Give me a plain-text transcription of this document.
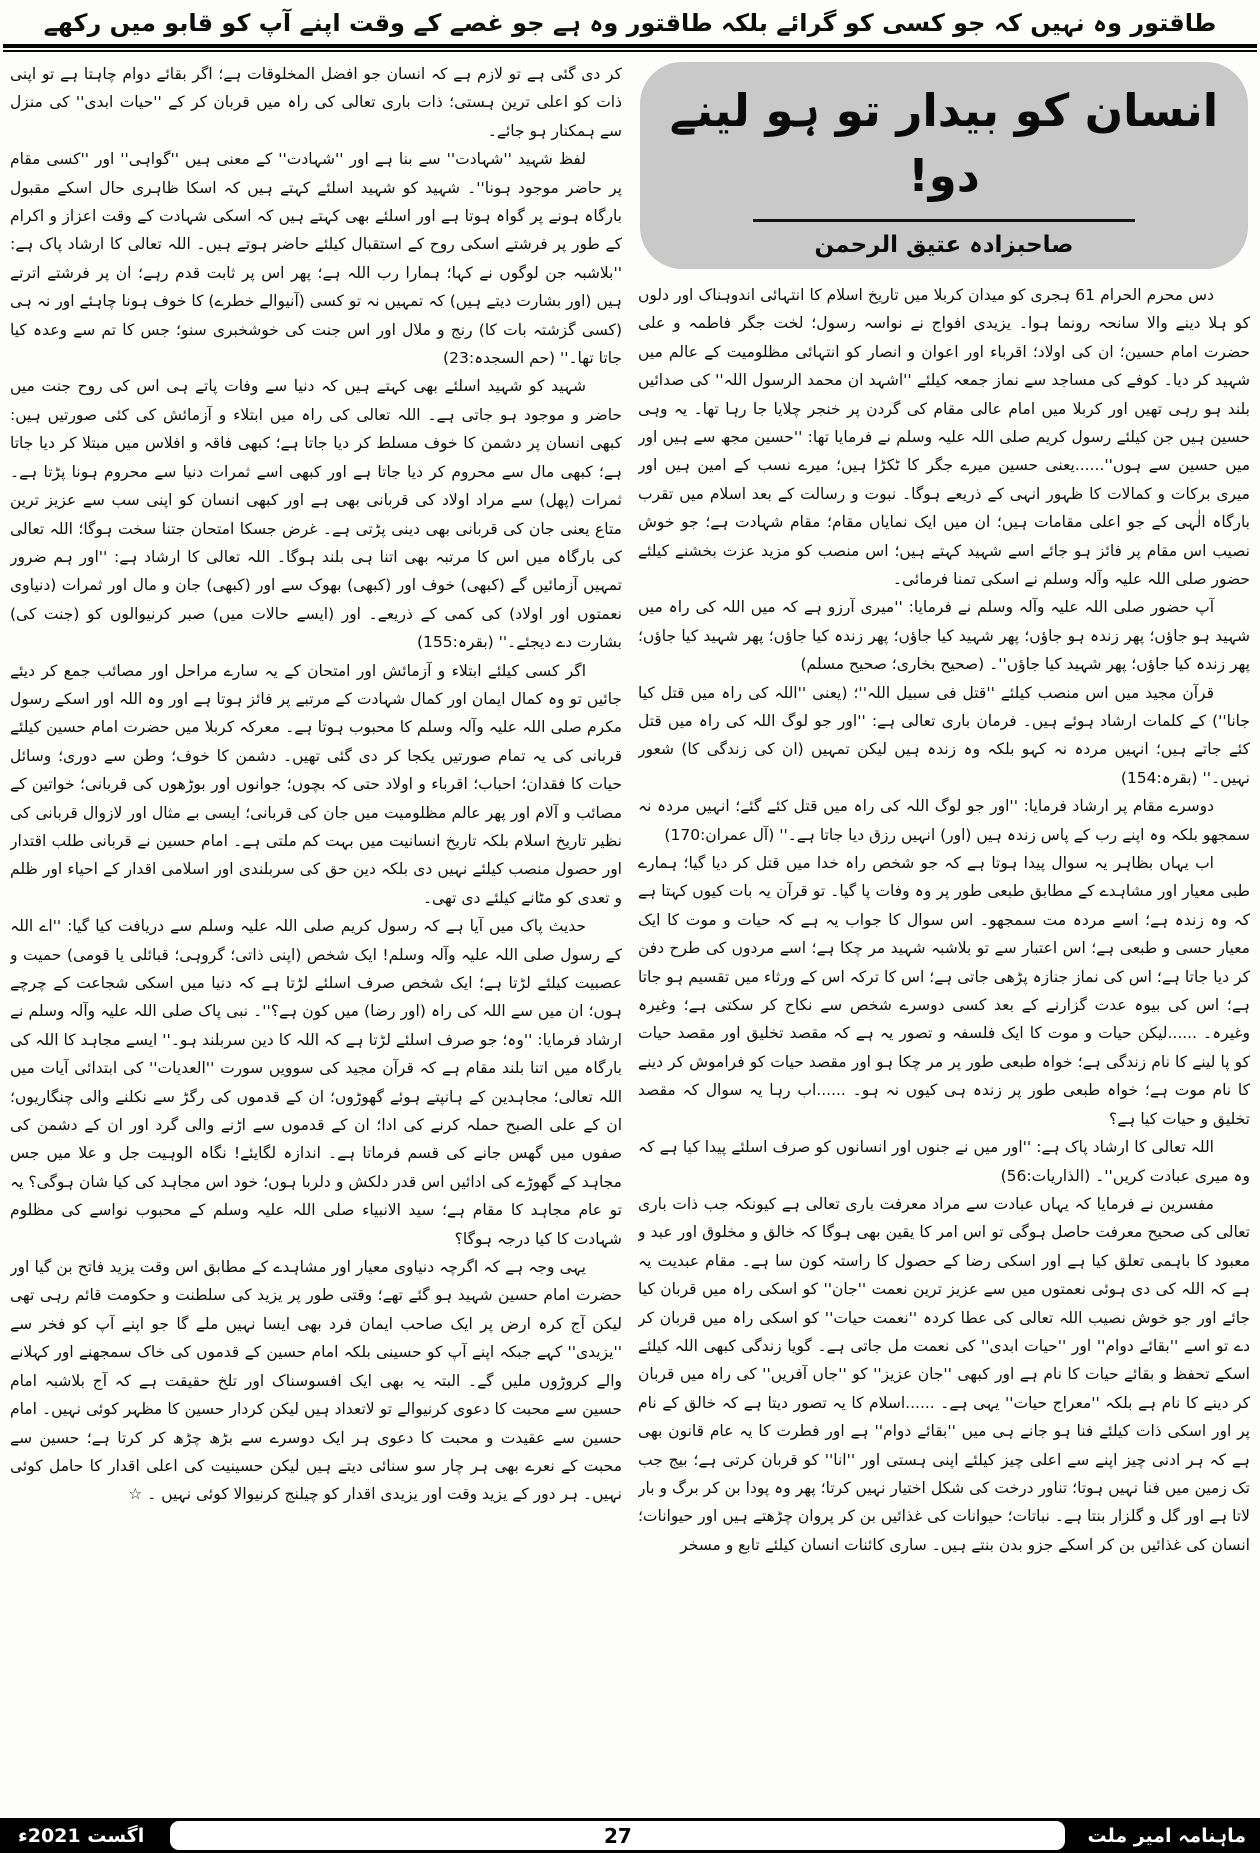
طاقتور وہ نہیں کہ جو کسی کو گرائے بلکہ طاقتور وہ ہے جو غصے کے وقت اپنے آپ کو قابو میں رکھے
انسان کو بیدار تو ہو لینے دو!
صاحبزادہ عتیق الرحمن

دس محرم الحرام 61 ہجری کو میدان کربلا میں تاریخ اسلام کا انتہائی اندوہناک اور دلوں کو ہلا دینے والا سانحہ رونما ہوا۔ یزیدی افواج نے نواسہ رسول؛ لخت جگر فاطمہ و علی حضرت امام حسین؛ ان کی اولاد؛ اقرباء اور اعوان و انصار کو انتہائی مظلومیت کے عالم میں شہید کر دیا۔ کوفے کی مساجد سے نماز جمعہ کیلئے ''اشہد ان محمد الرسول اللہ'' کی صدائیں بلند ہو رہی تھیں اور کربلا میں امام عالی مقام کی گردن پر خنجر چلایا جا رہا تھا۔ یہ وہی حسین ہیں جن کیلئے رسول کریم صلی اللہ علیہ وسلم نے فرمایا تھا: ''حسین مجھ سے ہیں اور میں حسین سے ہوں''......یعنی حسین میرے جگر کا ٹکڑا ہیں؛ میرے نسب کے امین ہیں اور میری برکات و کمالات کا ظہور انہی کے ذریعے ہوگا۔ نبوت و رسالت کے بعد اسلام میں تقرب بارگاہ الٰہی کے جو اعلی مقامات ہیں؛ ان میں ایک نمایاں مقام؛ مقام شہادت ہے؛ جو خوش نصیب اس مقام پر فائز ہو جائے اسے شہید کہتے ہیں؛ اس منصب کو مزید عزت بخشنے کیلئے حضور صلی اللہ علیہ وآلہ وسلم نے اسکی تمنا فرمائی۔

آپ حضور صلی اللہ علیہ وآلہ وسلم نے فرمایا: ''میری آرزو ہے کہ میں اللہ کی راہ میں شہید ہو جاؤں؛ پھر زندہ ہو جاؤں؛ پھر شہید کیا جاؤں؛ پھر زندہ کیا جاؤں؛ پھر شہید کیا جاؤں؛ پھر زندہ کیا جاؤں؛ پھر شہید کیا جاؤں''۔ (صحیح بخاری؛ صحیح مسلم)

قرآن مجید میں اس منصب کیلئے ''قتل فی سبیل اللہ''؛ (یعنی ''اللہ کی راہ میں قتل کیا جانا'') کے کلمات ارشاد ہوئے ہیں۔ فرمان باری تعالی ہے: ''اور جو لوگ اللہ کی راہ میں قتل کئے جاتے ہیں؛ انہیں مردہ نہ کہو بلکہ وہ زندہ ہیں لیکن تمہیں (ان کی زندگی کا) شعور نہیں۔'' (بقرہ:154)

دوسرے مقام پر ارشاد فرمایا: ''اور جو لوگ اللہ کی راہ میں قتل کئے گئے؛ انہیں مردہ نہ سمجھو بلکہ وہ اپنے رب کے پاس زندہ ہیں (اور) انہیں رزق دیا جاتا ہے۔'' (آل عمران:170)

اب یہاں بظاہر یہ سوال پیدا ہوتا ہے کہ جو شخص راہ خدا میں قتل کر دیا گیا؛ ہمارے طبی معیار اور مشاہدے کے مطابق طبعی طور پر وہ وفات پا گیا۔ تو قرآن یہ بات کیوں کہتا ہے کہ وہ زندہ ہے؛ اسے مردہ مت سمجھو۔ اس سوال کا جواب یہ ہے کہ حیات و موت کا ایک معیار حسی و طبعی ہے؛ اس اعتبار سے تو بلاشبہ شہید مر چکا ہے؛ اسے مردوں کی طرح دفن کر دیا جاتا ہے؛ اس کی نماز جنازہ پڑھی جاتی ہے؛ اس کا ترکہ اس کے ورثاء میں تقسیم ہو جاتا ہے؛ اس کی بیوہ عدت گزارنے کے بعد کسی دوسرے شخص سے نکاح کر سکتی ہے؛ وغیرہ وغیرہ۔ ......لیکن حیات و موت کا ایک فلسفہ و تصور یہ ہے کہ مقصد تخلیق اور مقصد حیات کو پا لینے کا نام زندگی ہے؛ خواہ طبعی طور پر مر چکا ہو اور مقصد حیات کو فراموش کر دینے کا نام موت ہے؛ خواہ طبعی طور پر زندہ ہی کیوں نہ ہو۔ ......اب رہا یہ سوال کہ مقصد تخلیق و حیات کیا ہے؟

اللہ تعالی کا ارشاد پاک ہے: ''اور میں نے جنوں اور انسانوں کو صرف اسلئے پیدا کیا ہے کہ وہ میری عبادت کریں''۔ (الذاریات:56)

مفسرین نے فرمایا کہ یہاں عبادت سے مراد معرفت باری تعالی ہے کیونکہ جب ذات باری تعالی کی صحیح معرفت حاصل ہوگی تو اس امر کا یقین بھی ہوگا کہ خالق و مخلوق اور عبد و معبود کا باہمی تعلق کیا ہے اور اسکی رضا کے حصول کا راستہ کون سا ہے۔ مقام عبدیت یہ ہے کہ اللہ کی دی ہوئی نعمتوں میں سے عزیز ترین نعمت ''جان'' کو اسکی راہ میں قربان کیا جائے اور جو خوش نصیب اللہ تعالی کی عطا کردہ ''نعمت حیات'' کو اسکی راہ میں قربان کر دے تو اسے ''بقائے دوام'' اور ''حیات ابدی'' کی نعمت مل جاتی ہے۔ گویا زندگی کبھی اللہ کیلئے اسکے تحفظ و بقائے حیات کا نام ہے اور کبھی ''جان عزیز'' کو ''جاں آفریں'' کی راہ میں قربان کر دینے کا نام ہے بلکہ ''معراج حیات'' یہی ہے۔ ......اسلام کا یہ تصور دیتا ہے کہ خالق کے نام پر اور اسکی ذات کیلئے فنا ہو جانے ہی میں ''بقائے دوام'' ہے اور فطرت کا یہ عام قانون بھی ہے کہ ہر ادنی چیز اپنے سے اعلی چیز کیلئے اپنی ہستی اور ''انا'' کو قربان کرتی ہے؛ بیج جب تک زمین میں فنا نہیں ہوتا؛ تناور درخت کی شکل اختیار نہیں کرتا؛ پھر وہ پودا بن کر برگ و بار لاتا ہے اور گل و گلزار بنتا ہے۔ نباتات؛ حیوانات کی غذائیں بن کر پروان چڑھتے ہیں اور حیوانات؛ انسان کی غذائیں بن کر اسکے جزو بدن بنتے ہیں۔ ساری کائنات انسان کیلئے تابع و مسخر

کر دی گئی ہے تو لازم ہے کہ انسان جو افضل المخلوقات ہے؛ اگر بقائے دوام چاہتا ہے تو اپنی ذات کو اعلی ترین ہستی؛ ذات باری تعالی کی راہ میں قربان کر کے ''حیات ابدی'' کی منزل سے ہمکنار ہو جائے۔

لفظ شہید ''شہادت'' سے بنا ہے اور ''شہادت'' کے معنی ہیں ''گواہی'' اور ''کسی مقام پر حاضر موجود ہونا''۔ شہید کو شہید اسلئے کہتے ہیں کہ اسکا ظاہری حال اسکے مقبول بارگاہ ہونے پر گواہ ہوتا ہے اور اسلئے بھی کہتے ہیں کہ اسکی شہادت کے وقت اعزاز و اکرام کے طور پر فرشتے اسکی روح کے استقبال کیلئے حاضر ہوتے ہیں۔ اللہ تعالی کا ارشاد پاک ہے: ''بلاشبہ جن لوگوں نے کہا؛ ہمارا رب اللہ ہے؛ پھر اس پر ثابت قدم رہے؛ ان پر فرشتے اترتے ہیں (اور بشارت دیتے ہیں) کہ تمہیں نہ تو کسی (آنیوالے خطرے) کا خوف ہونا چاہئے اور نہ ہی (کسی گزشتہ بات کا) رنج و ملال اور اس جنت کی خوشخبری سنو؛ جس کا تم سے وعدہ کیا جاتا تھا۔'' (حم السجدہ:23)

شہید کو شہید اسلئے بھی کہتے ہیں کہ دنیا سے وفات پاتے ہی اس کی روح جنت میں حاضر و موجود ہو جاتی ہے۔ اللہ تعالی کی راہ میں ابتلاء و آزمائش کی کئی صورتیں ہیں: کبھی انسان پر دشمن کا خوف مسلط کر دیا جاتا ہے؛ کبھی فاقہ و افلاس میں مبتلا کر دیا جاتا ہے؛ کبھی مال سے محروم کر دیا جاتا ہے اور کبھی اسے ثمرات دنیا سے محروم ہونا پڑتا ہے۔ ثمرات (پھل) سے مراد اولاد کی قربانی بھی ہے اور کبھی انسان کو اپنی سب سے عزیز ترین متاع یعنی جان کی قربانی بھی دینی پڑتی ہے۔ غرض جسکا امتحان جتنا سخت ہوگا؛ اللہ تعالی کی بارگاہ میں اس کا مرتبہ بھی اتنا ہی بلند ہوگا۔ اللہ تعالی کا ارشاد ہے: ''اور ہم ضرور تمہیں آزمائیں گے (کبھی) خوف اور (کبھی) بھوک سے اور (کبھی) جان و مال اور ثمرات (دنیاوی نعمتوں اور اولاد) کی کمی کے ذریعے۔ اور (ایسے حالات میں) صبر کرنیوالوں کو (جنت کی) بشارت دے دیجئے۔'' (بقرہ:155)

اگر کسی کیلئے ابتلاء و آزمائش اور امتحان کے یہ سارے مراحل اور مصائب جمع کر دیئے جائیں تو وہ کمال ایمان اور کمال شہادت کے مرتبے پر فائز ہوتا ہے اور وہ اللہ اور اسکے رسول مکرم صلی اللہ علیہ وآلہ وسلم کا محبوب ہوتا ہے۔ معرکہ کربلا میں حضرت امام حسین کیلئے قربانی کی یہ تمام صورتیں یکجا کر دی گئی تھیں۔ دشمن کا خوف؛ وطن سے دوری؛ وسائل حیات کا فقدان؛ احباب؛ اقرباء و اولاد حتی کہ بچوں؛ جوانوں اور بوڑھوں کی قربانی؛ خواتین کے مصائب و آلام اور پھر عالم مظلومیت میں جان کی قربانی؛ ایسی بے مثال اور لازوال قربانی کی نظیر تاریخ اسلام بلکہ تاریخ انسانیت میں بہت کم ملتی ہے۔ امام حسین نے قربانی طلب اقتدار اور حصول منصب کیلئے نہیں دی بلکہ دین حق کی سربلندی اور اسلامی اقدار کے احیاء اور ظلم و تعدی کو مٹانے کیلئے دی تھی۔

حدیث پاک میں آیا ہے کہ رسول کریم صلی اللہ علیہ وسلم سے دریافت کیا گیا: ''اے اللہ کے رسول صلی اللہ علیہ وآلہ وسلم! ایک شخص (اپنی ذاتی؛ گروہی؛ قبائلی یا قومی) حمیت و عصبیت کیلئے لڑتا ہے؛ ایک شخص صرف اسلئے لڑتا ہے کہ دنیا میں اسکی شجاعت کے چرچے ہوں؛ ان میں سے اللہ کی راہ (اور رضا) میں کون ہے؟''۔ نبی پاک صلی اللہ علیہ وآلہ وسلم نے ارشاد فرمایا: ''وہ؛ جو صرف اسلئے لڑتا ہے کہ اللہ کا دین سربلند ہو۔'' ایسے مجاہد کا اللہ کی بارگاہ میں اتنا بلند مقام ہے کہ قرآن مجید کی سوویں سورت ''العدیات'' کی ابتدائی آیات میں اللہ تعالی؛ مجاہدین کے ہانپتے ہوئے گھوڑوں؛ ان کے قدموں کی رگڑ سے نکلنے والی چنگاریوں؛ ان کے علی الصبح حملہ کرنے کی ادا؛ ان کے قدموں سے اڑنے والی گرد اور ان کے دشمن کی صفوں میں گھس جانے کی قسم فرماتا ہے۔ اندازہ لگایئے! نگاہ الوہیت جل و علا میں جس مجاہد کے گھوڑے کی ادائیں اس قدر دلکش و دلربا ہوں؛ خود اس مجاہد کی کیا شان ہوگی؟ یہ تو عام مجاہد کا مقام ہے؛ سید الانبیاء صلی اللہ علیہ وسلم کے محبوب نواسے کی مظلوم شہادت کا کیا درجہ ہوگا؟

یہی وجہ ہے کہ اگرچہ دنیاوی معیار اور مشاہدے کے مطابق اس وقت یزید فاتح بن گیا اور حضرت امام حسین شہید ہو گئے تھے؛ وقتی طور پر یزید کی سلطنت و حکومت قائم رہی تھی لیکن آج کرہ ارض پر ایک صاحب ایمان فرد بھی ایسا نہیں ملے گا جو اپنے آپ کو فخر سے ''یزیدی'' کہے جبکہ اپنے آپ کو حسینی بلکہ امام حسین کے قدموں کی خاک سمجھنے اور کہلانے والے کروڑوں ملیں گے۔ البتہ یہ بھی ایک افسوسناک اور تلخ حقیقت ہے کہ آج بلاشبہ امام حسین سے محبت کا دعوی کرنیوالے تو لاتعداد ہیں لیکن کردار حسین کا مظہر کوئی نہیں۔ امام حسین سے عقیدت و محبت کا دعوی ہر ایک دوسرے سے بڑھ چڑھ کر کرتا ہے؛ حسین سے محبت کے نعرے بھی ہر چار سو سنائی دیتے ہیں لیکن حسینیت کی اعلی اقدار کا حامل کوئی نہیں۔ ہر دور کے یزید وقت اور یزیدی اقدار کو چیلنج کرنیوالا کوئی نہیں ۔ ☆

ماہنامہ امیر ملت
27
اگست 2021ء
